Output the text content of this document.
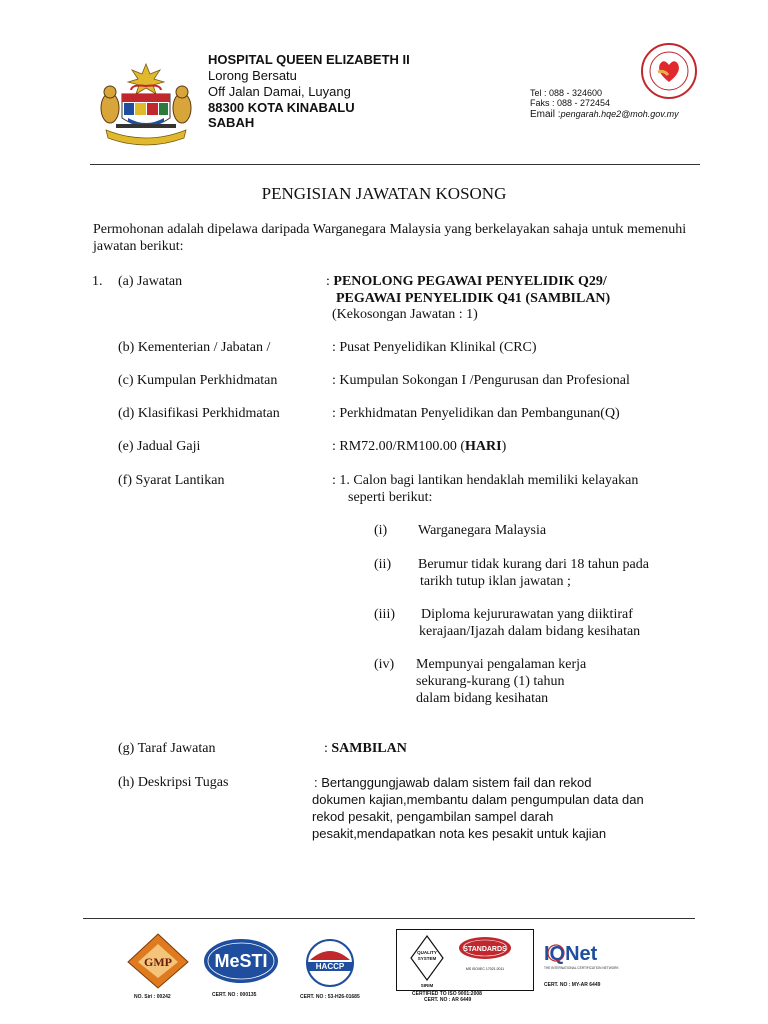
HOSPITAL QUEEN ELIZABETH II
Lorong Bersatu
Off Jalan Damai, Luyang
88300 KOTA KINABALU
SABAH
Tel : 088 - 324600
Faks : 088 - 272454
Email :pengarah.hqe2@moh.gov.my
PENGISIAN JAWATAN KOSONG
Permohonan adalah dipelawa daripada Warganegara Malaysia yang berkelayakan sahaja untuk memenuhi jawatan berikut:
1. (a) Jawatan	: PENOLONG PEGAWAI PENYELIDIK Q29/
PEGAWAI PENYELIDIK Q41 (SAMBILAN)
(Kekosongan Jawatan : 1)
(b) Kementerian / Jabatan /	: Pusat Penyelidikan Klinikal (CRC)
(c) Kumpulan Perkhidmatan	: Kumpulan Sokongan I /Pengurusan dan Profesional
(d) Klasifikasi Perkhidmatan	: Perkhidmatan Penyelidikan dan Pembangunan(Q)
(e) Jadual Gaji	: RM72.00/RM100.00 (HARI)
(f) Syarat Lantikan	: 1. Calon bagi lantikan hendaklah memiliki kelayakan
seperti berikut:
(i) Warganegara Malaysia
(ii) Berumur tidak kurang dari 18 tahun pada
tarikh tutup iklan jawatan ;
(iii) Diploma kejururawatan yang diiktiraf
kerajaan/Ijazah dalam bidang kesihatan
(iv) Mempunyai pengalaman kerja
sekurang-kurang (1) tahun
dalam bidang kesihatan
(g) Taraf Jawatan	: SAMBILAN
(h) Deskripsi Tugas	: Bertanggungjawab dalam sistem fail dan rekod
dokumen kajian,membantu dalam pengumpulan data dan
rekod pesakit, pengambilan sampel darah
pesakit,mendapatkan nota kes pesakit untuk kajian
GMP
NO. Siri : 00242
MeSTI
CERT. NO : 000135
HACCP
CERT. NO : 53-H26-01685
QUALITY
SYSTEM
SIRIM
STANDARDS
MS ISO/IEC 17021:2011
CERTIFIED TO ISO 9001:2008
CERT. NO : AR 6449
IQNet
THE INTERNATIONAL CERTIFICATION NETWORK
CERT. NO : MY-AR 6449
